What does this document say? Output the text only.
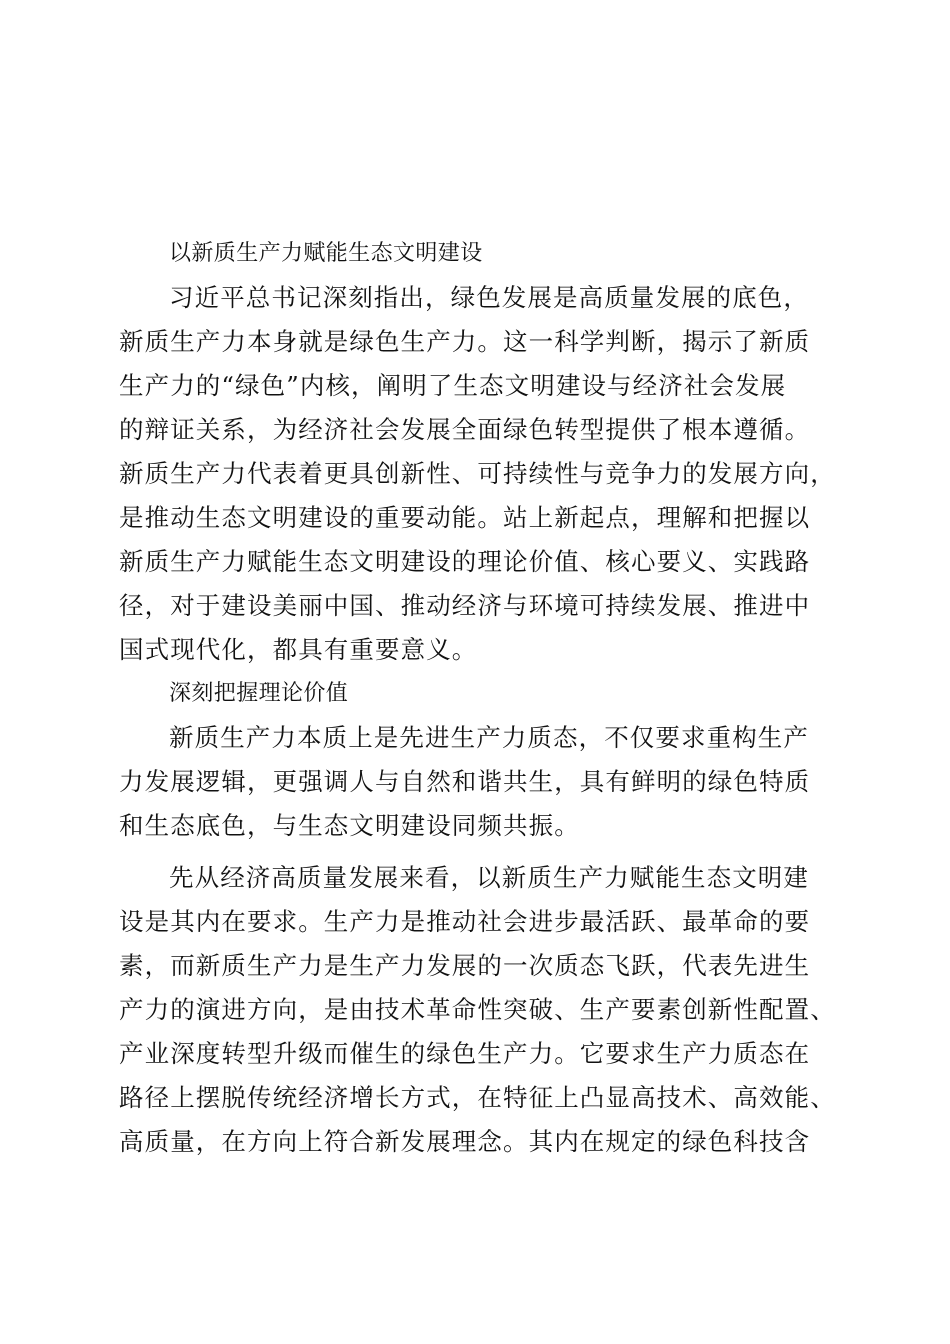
以新质生产力赋能生态文明建设
习近平总书记深刻指出，绿色发展是高质量发展的底色，
新质生产力本身就是绿色生产力。这一科学判断，揭示了新质
生产力的“绿色”内核，阐明了生态文明建设与经济社会发展
的辩证关系，为经济社会发展全面绿色转型提供了根本遵循。
新质生产力代表着更具创新性、可持续性与竞争力的发展方向，
是推动生态文明建设的重要动能。站上新起点，理解和把握以
新质生产力赋能生态文明建设的理论价值、核心要义、实践路
径，对于建设美丽中国、推动经济与环境可持续发展、推进中
国式现代化，都具有重要意义。
深刻把握理论价值
新质生产力本质上是先进生产力质态，不仅要求重构生产
力发展逻辑，更强调人与自然和谐共生，具有鲜明的绿色特质
和生态底色，与生态文明建设同频共振。
先从经济高质量发展来看，以新质生产力赋能生态文明建
设是其内在要求。生产力是推动社会进步最活跃、最革命的要
素，而新质生产力是生产力发展的一次质态飞跃，代表先进生
产力的演进方向，是由技术革命性突破、生产要素创新性配置、
产业深度转型升级而催生的绿色生产力。它要求生产力质态在
路径上摆脱传统经济增长方式，在特征上凸显高技术、高效能、
高质量，在方向上符合新发展理念。其内在规定的绿色科技含
